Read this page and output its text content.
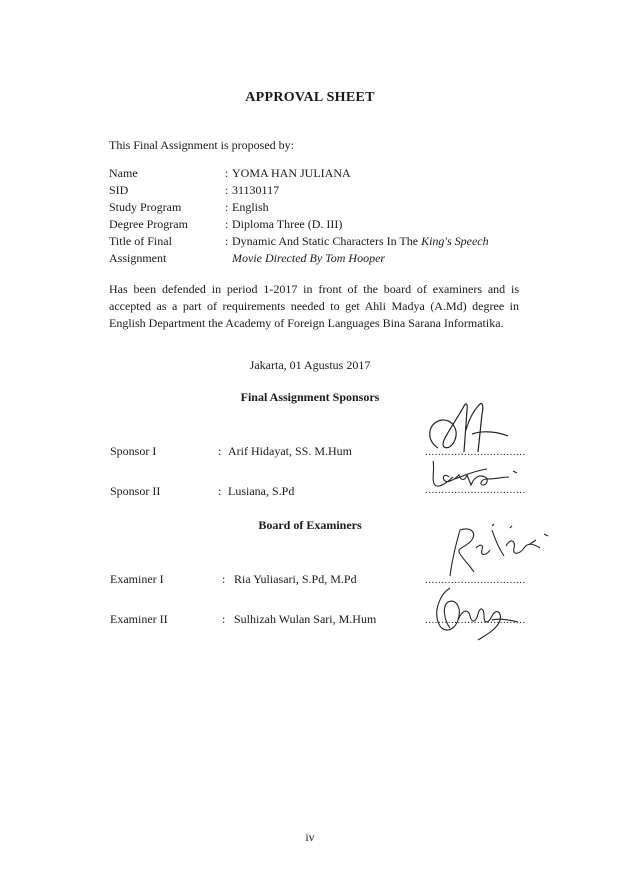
APPROVAL SHEET
This Final Assignment is proposed by:
Name	: YOMA HAN JULIANA
SID	: 31130117
Study Program	: English
Degree Program	: Diploma Three (D. III)
Title of Final
Assignment
: Dynamic And Static Characters In The King's Speech
Movie Directed By Tom Hooper
Has been defended in period 1-2017 in front of the board of examiners and is accepted as a part of requirements needed to get Ahli Madya (A.Md) degree in English Department the Academy of Foreign Languages Bina Sarana Informatika.
Jakarta, 01 Agustus 2017
Final Assignment Sponsors
Sponsor I	: Arif Hidayat, SS. M.Hum	...............................
Sponsor II	: Lusiana, S.Pd	...............................
Board of Examiners
Examiner I	: Ria Yuliasari, S.Pd, M.Pd	...............................
Examiner II	: Sulhizah Wulan Sari, M.Hum	...............................
iv
